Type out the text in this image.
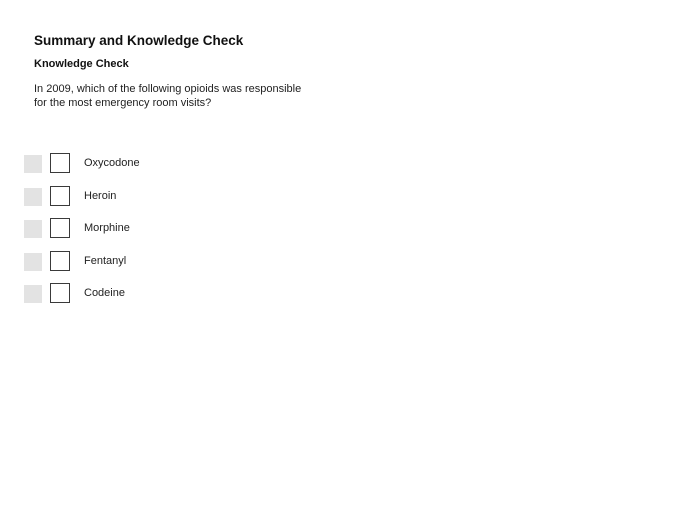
Summary and Knowledge Check
Knowledge Check
In 2009, which of the following opioids was responsible for the most emergency room visits?
Oxycodone
Heroin
Morphine
Fentanyl
Codeine
